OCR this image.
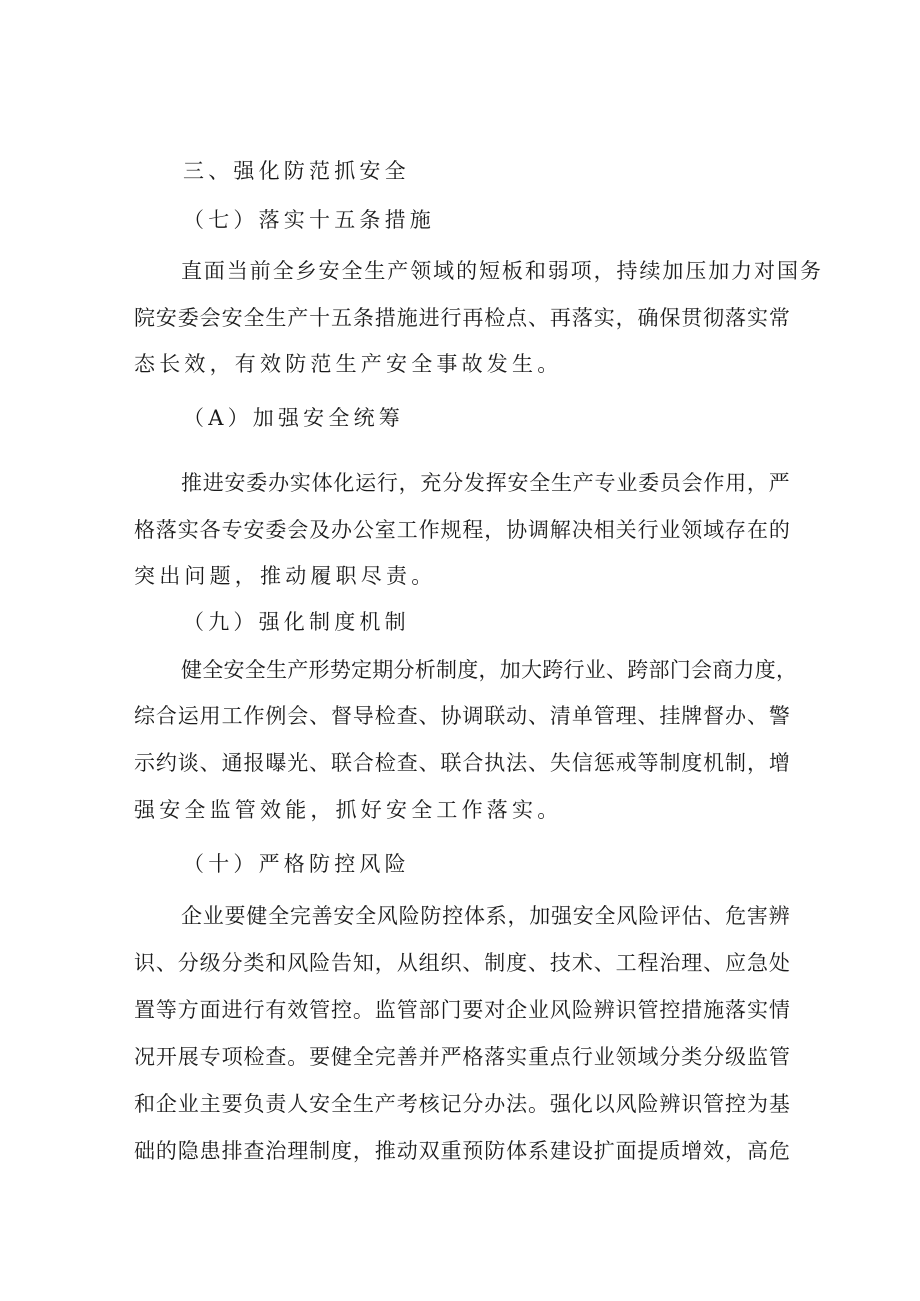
三、强化防范抓安全
（七）落实十五条措施
直 面 当 前 全 乡 安 全 生 产 领 域 的 短 板 和 弱 项 ， 持 续 加 压 加 力 对 国 务
院 安 委 会 安 全 生 产 十 五 条 措 施 进 行 再 检 点 、 再 落 实 ， 确 保 贯 彻 落 实 常
态长效，有效防范生产安全事故发生。
（A）加强安全统筹
推 进 安 委 办 实 体 化 运 行 ， 充 分 发 挥 安 全 生 产 专 业 委 员 会 作 用 ， 严
格 落 实 各 专 安 委 会 及 办 公 室 工 作 规 程 ， 协 调 解 决 相 关 行 业 领 域 存 在 的
突出问题，推动履职尽责。
（九）强化制度机制
健 全 安 全 生 产 形 势 定 期 分 析 制 度 ， 加 大 跨 行 业 、 跨 部 门 会 商 力 度 ，
综 合 运 用 工 作 例 会 、 督 导 检 查 、 协 调 联 动 、 清 单 管 理 、 挂 牌 督 办 、 警
示 约 谈 、 通 报 曝 光 、 联 合 检 查 、 联 合 执 法 、 失 信 惩 戒 等 制 度 机 制 ， 增
强安全监管效能，抓好安全工作落实。
（十）严格防控风险
企 业 要 健 全 完 善 安 全 风 险 防 控 体 系 ， 加 强 安 全 风 险 评 估 、 危 害 辨
识 、 分 级 分 类 和 风 险 告 知 ， 从 组 织 、 制 度 、 技 术 、 工 程 治 理 、 应 急 处
置 等 方 面 进 行 有 效 管 控 。 监 管 部 门 要 对 企 业 风 险 辨 识 管 控 措 施 落 实 情
况 开 展 专 项 检 查 。 要 健 全 完 善 并 严 格 落 实 重 点 行 业 领 域 分 类 分 级 监 管
和 企 业 主 要 负 责 人 安 全 生 产 考 核 记 分 办 法 。 强 化 以 风 险 辨 识 管 控 为 基
础 的 隐 患 排 查 治 理 制 度 ， 推 动 双 重 预 防 体 系 建 设 扩 面 提 质 增 效 ， 高 危
